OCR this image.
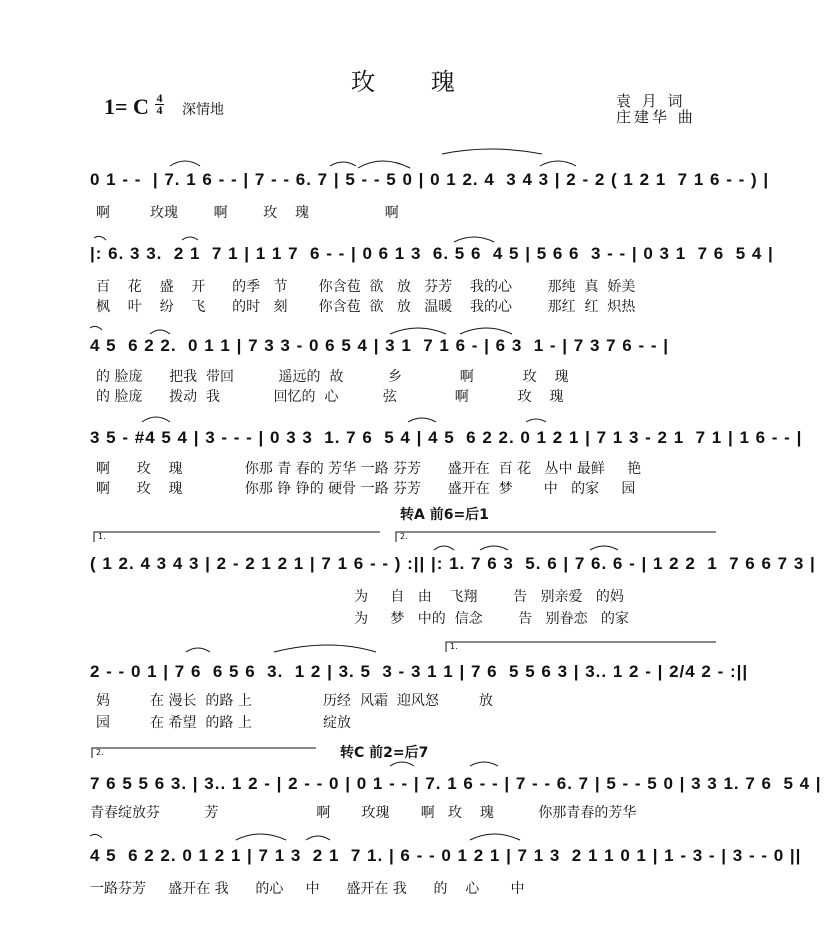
玫 瑰
1= C 4
4 深情地	袁 月 词
庄建华 曲
0 1 - -  | 7. 1 6 - - | 7 - - 6. 7 | 5 - - 5 0 | 0 1 2. 4  3 4 3 | 2 - 2 ( 1 2 1  7 1 6 - - ) |
啊         玫瑰        啊        玫    瑰                 啊
|: 6. 3 3.  2 1  7 1 | 1 1 7  6 - - | 0 6 1 3  6. 5 6  4 5 | 5 6 6  3 - - | 0 3 1  7 6  5 4 |
百    花    盛    开      的季   节       你含苞  欲   放   芬芳    我的心        那纯  真  娇美
枫    叶    纷    飞      的时   刻       你含苞  欲   放   温暖    我的心        那红  红  炽热
4 5  6 2 2.  0 1 1 | 7 3 3 - 0 6 5 4 | 3 1  7 1 6 - | 6 3  1 - | 7 3 7 6 - - |
的 脸庞      把我  带回          遥远的  故          乡             啊           玫    瑰
的 脸庞      拨动  我            回忆的  心          弦             啊           玫    瑰
3 5 - #4 5 4 | 3 - - - | 0 3 3  1. 7 6  5 4 | 4 5  6 2 2. 0 1 2 1 | 7 1 3 - 2 1  7 1 | 1 6 - - |
啊      玫    瑰              你那 青 春的 芳华 一路 芬芳      盛开在  百 花   丛中 最鲜     艳
啊      玫    瑰              你那 铮 铮的 硬骨 一路 芬芳      盛开在  梦       中   的家     园
转A 前6=后1
1.	2.
( 1 2. 4 3 4 3 | 2 - 2 1 2 1 | 7 1 6 - - ) :|| |: 1. 7 6 3  5. 6 | 7 6. 6 - | 1 2 2  1  7 6 6 7 3 |
为     自   由    飞翔        告   别亲爱   的妈
为     梦   中的  信念        告   别眷恋   的家
1.
2 - - 0 1 | 7 6  6 5 6  3.  1 2 | 3. 5  3 - 3 1 1 | 7 6  5 5 6 3 | 3.. 1 2 - | 2/4 2 - :||
妈         在 漫长  的路 上                历经  风霜  迎风怒         放
园         在 希望  的路 上                绽放
2.	转C 前2=后7
7 6 5 5 6 3. | 3.. 1 2 - | 2 - - 0 | 0 1 - - | 7. 1 6 - - | 7 - - 6. 7 | 5 - - 5 0 | 3 3 1. 7 6  5 4 |
青春绽放芬          芳                      啊       玫瑰       啊   玫    瑰          你那青春的芳华
4 5  6 2 2. 0 1 2 1 | 7 1 3  2 1  7 1. | 6 - - 0 1 2 1 | 7 1 3  2 1 1 0 1 | 1 - 3 - | 3 - - 0 ||
一路芬芳     盛开在 我      的心     中      盛开在 我      的    心       中
